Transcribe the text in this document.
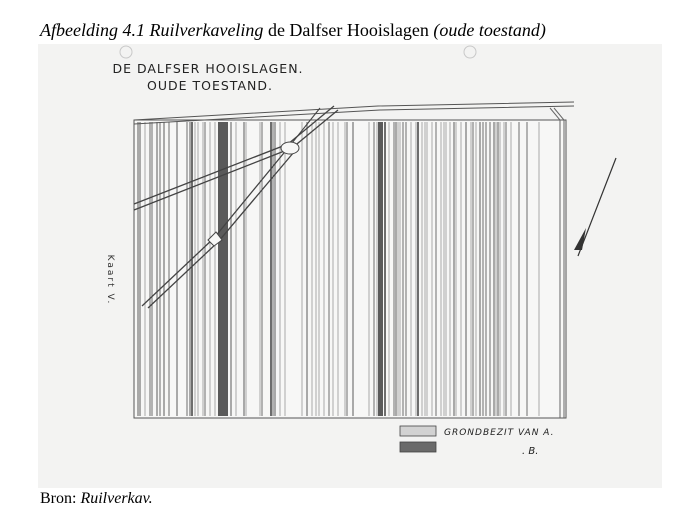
Afbeelding 4.1 Ruilverkaveling de Dalfser Hooislagen (oude toestand)
DE DALFSER HOOISLAGEN.
OUDE TOESTAND.
Kaart V.
GRONDBEZIT VAN A.
. B.
Bron: Ruilverkav.
